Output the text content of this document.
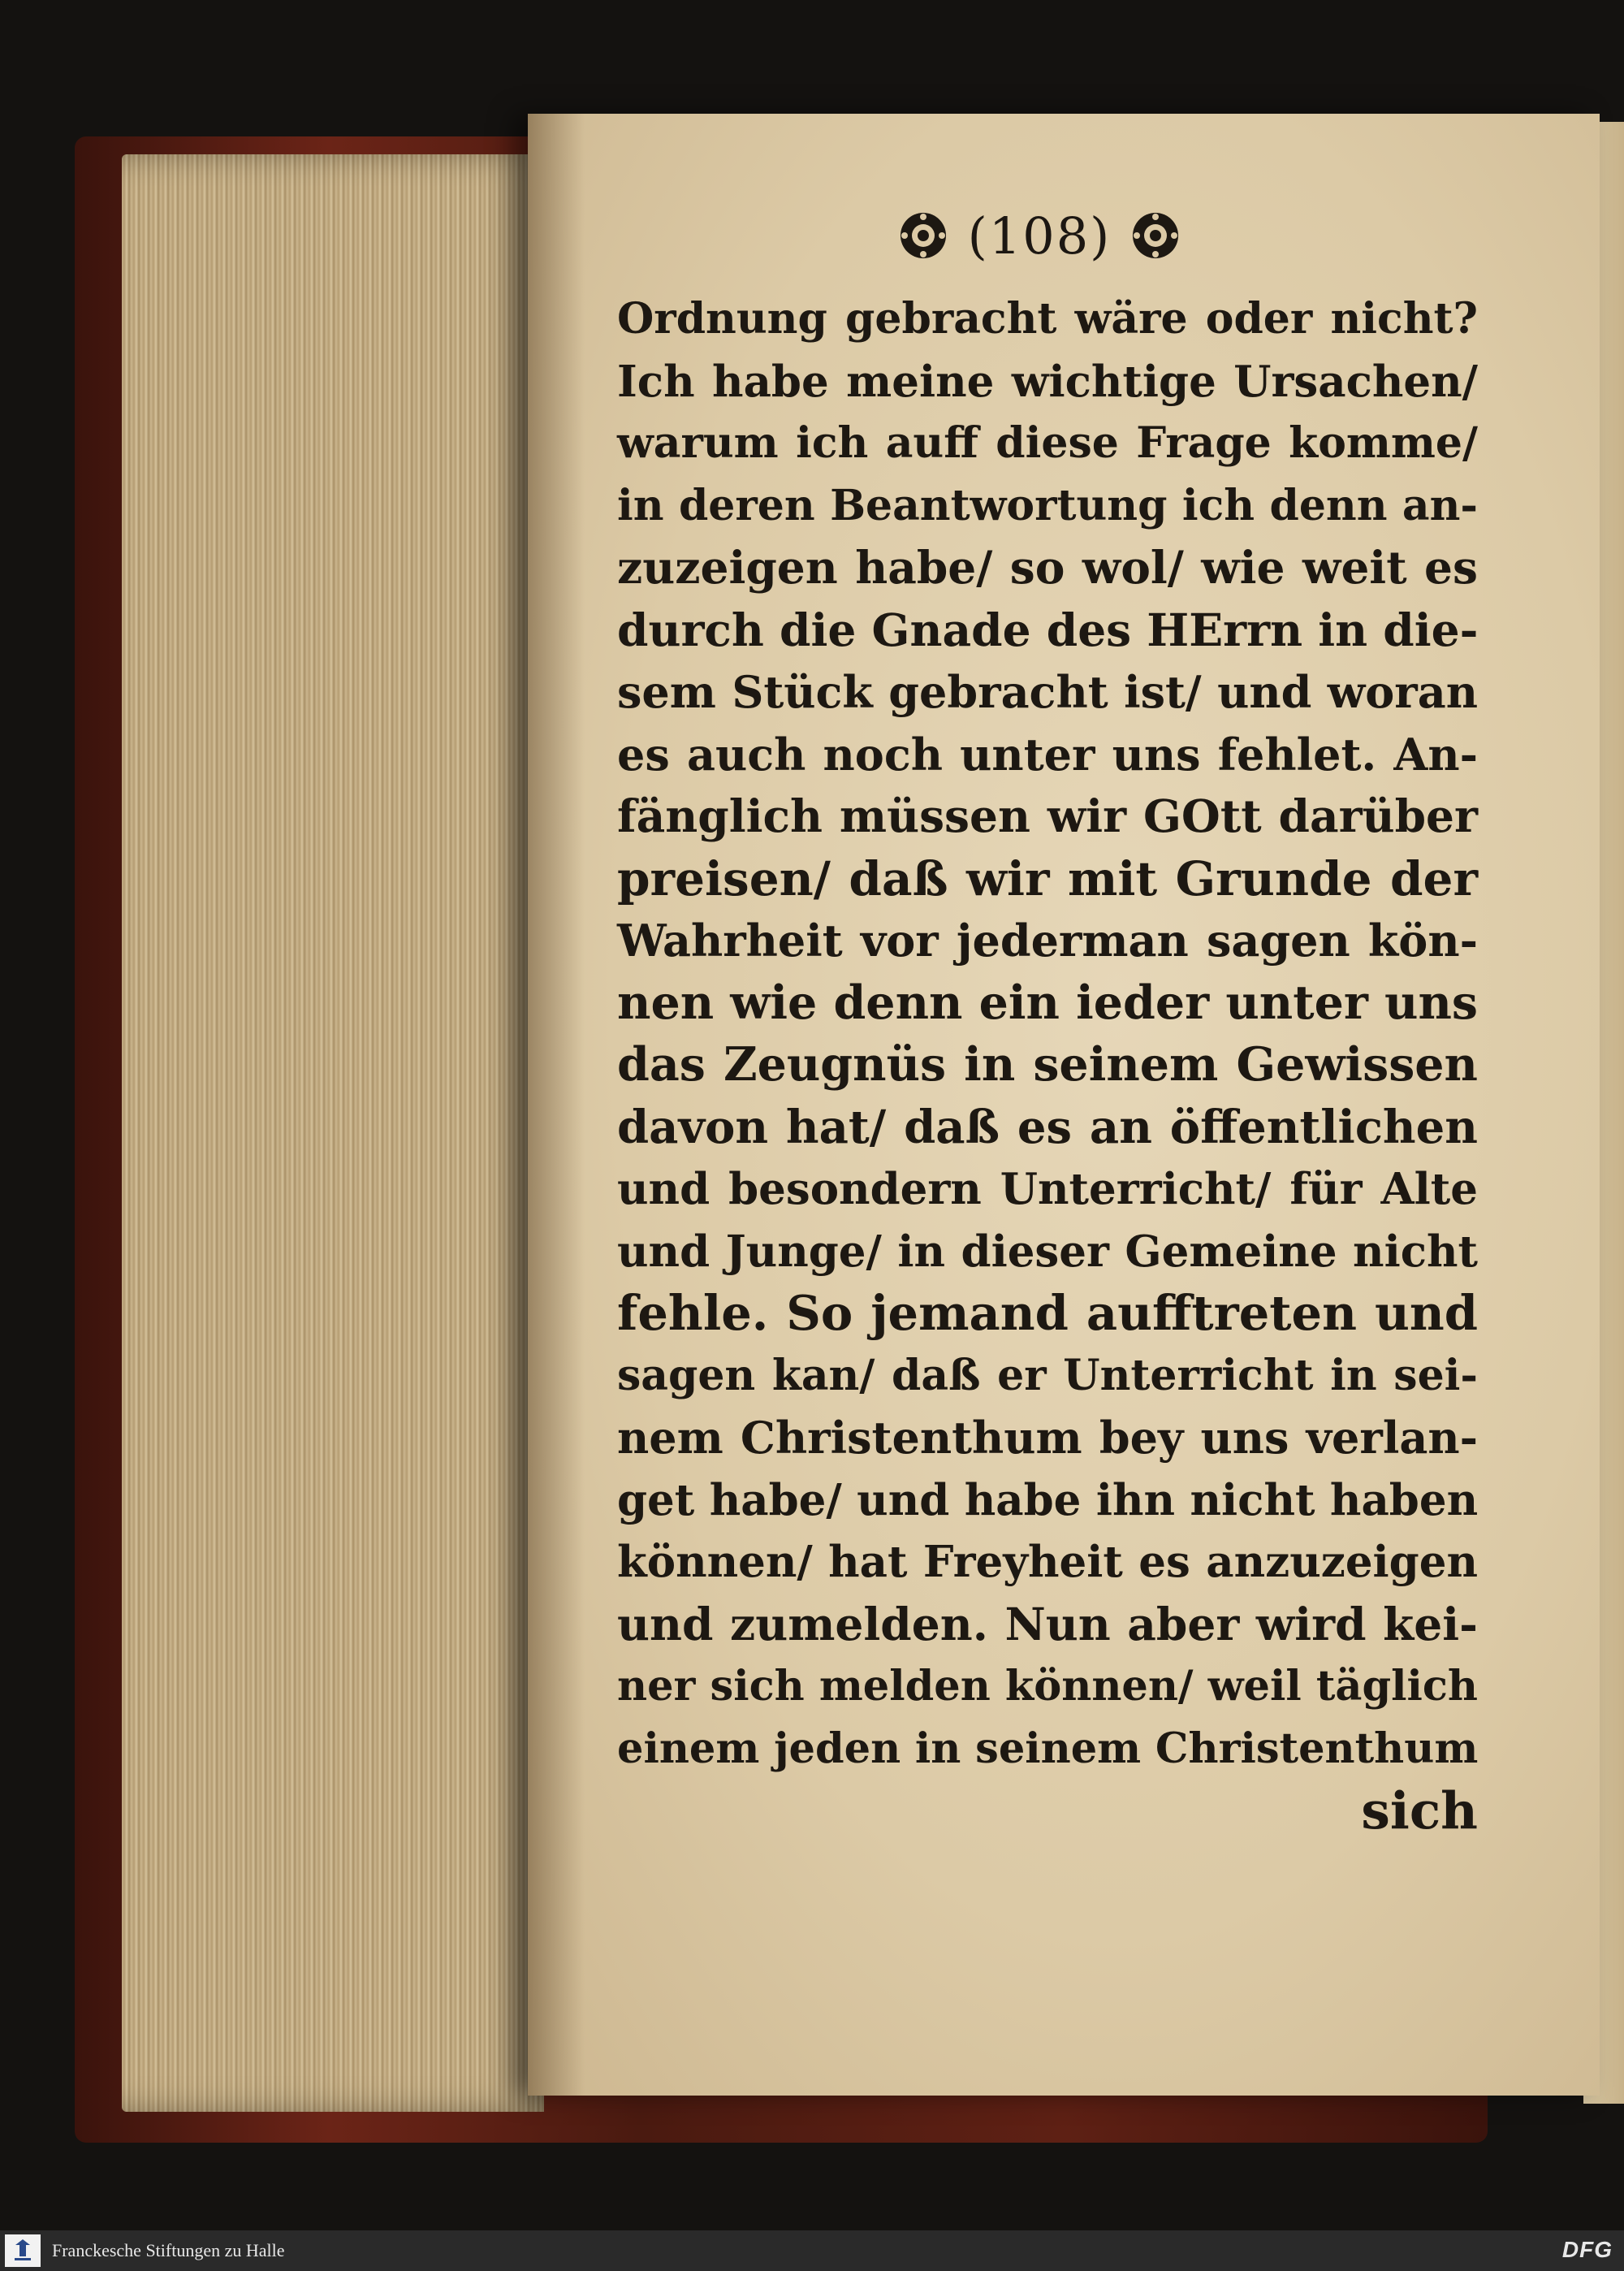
(108)
Ordnung gebracht wäre oder nicht?
Ich habe meine wichtige Ursachen/
warum ich auff diese Frage komme/
in deren Beantwortung ich denn an-
zuzeigen habe/ so wol/ wie weit es
durch die Gnade des HErrn in die-
sem Stück gebracht ist/ und woran
es auch noch unter uns fehlet. An-
fänglich müssen wir GOtt darüber
preisen/ daß wir mit Grunde der
Wahrheit vor jederman sagen kön-
nen wie denn ein ieder unter uns
das Zeugnüs in seinem Gewissen
davon hat/ daß es an öffentlichen
und besondern Unterricht/ für Alte
und Junge/ in dieser Gemeine nicht
fehle. So jemand aufftreten und
sagen kan/ daß er Unterricht in sei-
nem Christenthum bey uns verlan-
get habe/ und habe ihn nicht haben
können/ hat Freyheit es anzuzeigen
und zumelden. Nun aber wird kei-
ner sich melden können/ weil täglich
einem jeden in seinem Christenthum
sich
Franckesche Stiftungen zu Halle	DFG
